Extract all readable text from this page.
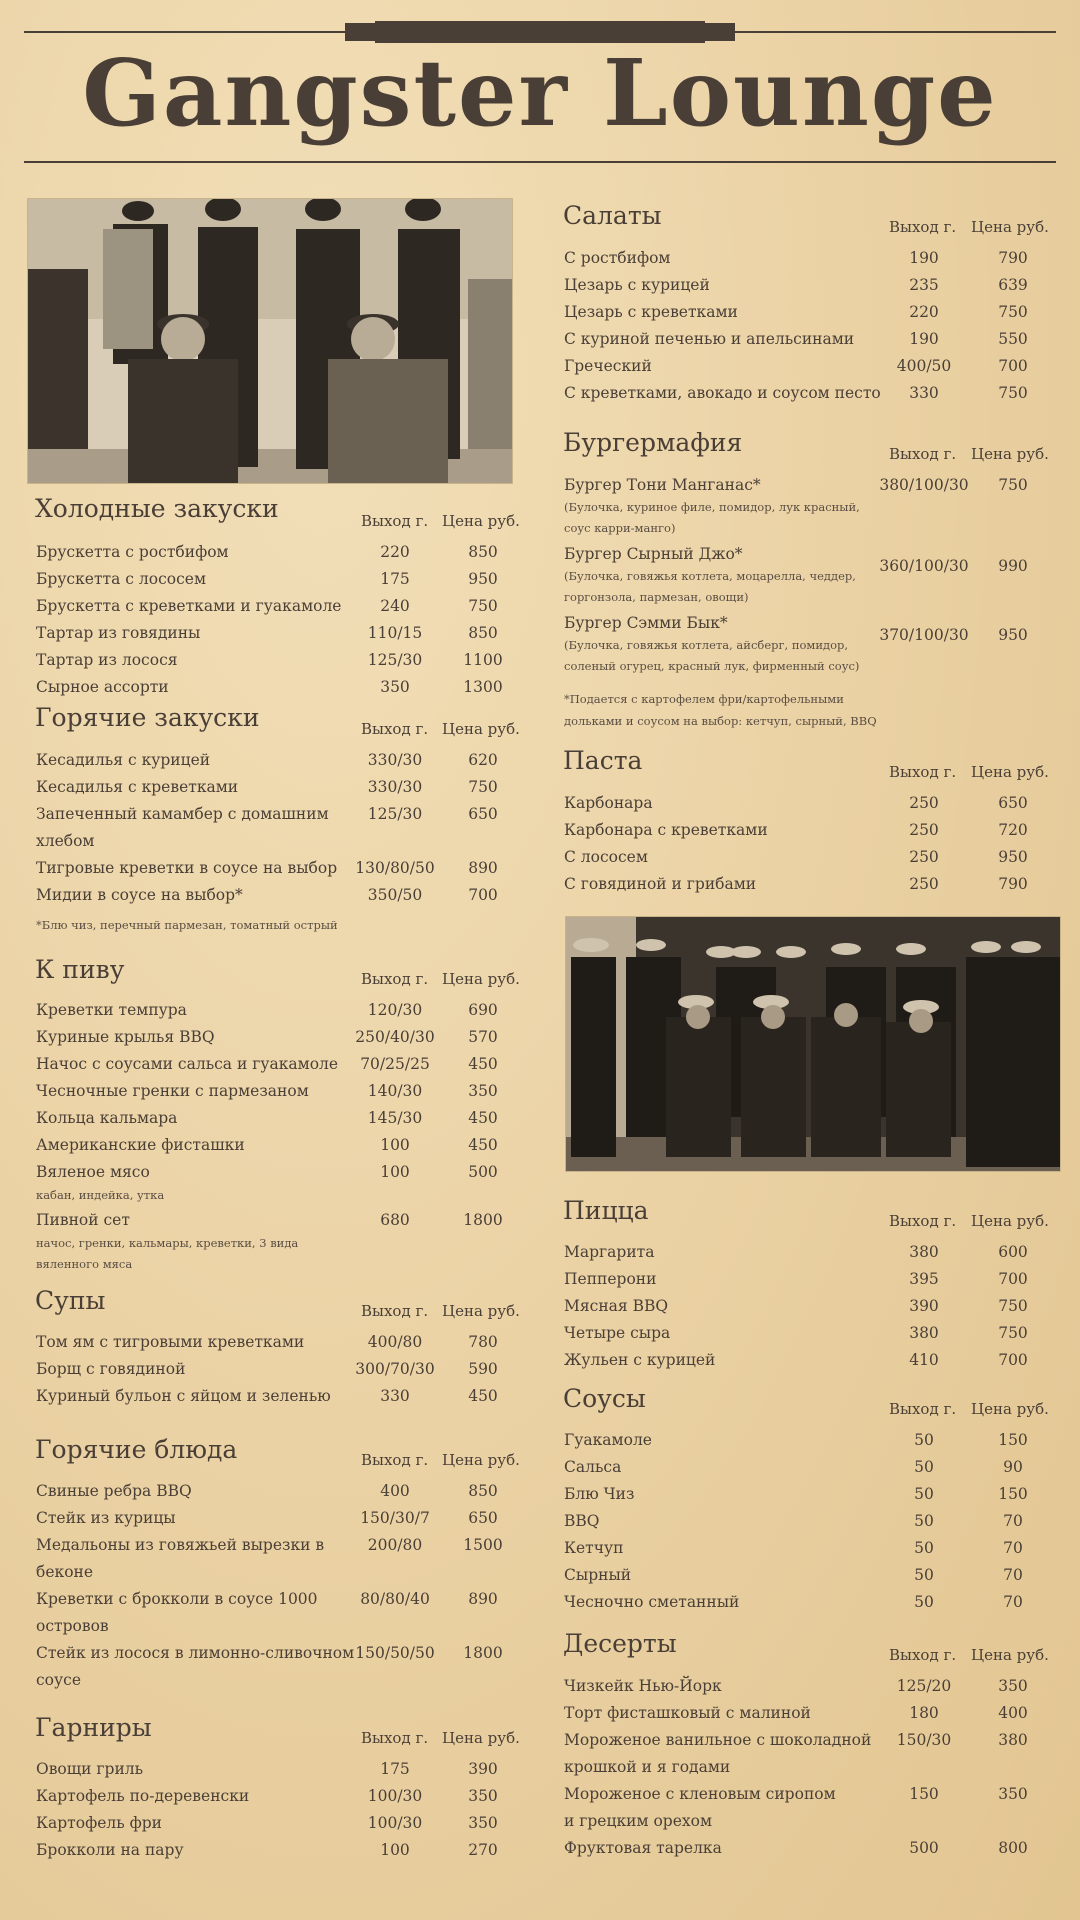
Gangster Lounge
Холодные закуски	Выход г. Цена руб.
Брускетта с ростбифом	220	850
Брускетта с лососем	175	950
Брускетта с креветками и гуакамоле 240	750
Тартар из говядины	110/15	850
Тартар из лосося	125/30	1100
Сырное ассорти	350	1300
Горячие закуски	Выход г. Цена руб.
Кесадилья с курицей	330/30	620
Кесадилья с креветками	330/30	750
Запеченный камамбер с домашним
хлебом
125/30	650
Тигровые креветки в соусе на выбор 130/80/50 890
Мидии в соусе на выбор*	350/50	700
*Блю чиз, перечный пармезан, томатный острый
К пиву	Выход г. Цена руб.
Креветки темпура	120/30	690
Куриные крылья BBQ	250/40/30 570
Начос с соусами сальса и гуакамоле 70/25/25 450
Чесночные гренки с пармезаном	140/30	350
Кольца кальмара	145/30	450
Американские фисташки	100	450
Вяленое мясо
кабан, индейка, утка
100	500
Пивной сет
начос, гренки, кальмары, креветки, 3 вида
вяленного мяса
680	1800
Супы	Выход г. Цена руб.
Том ям с тигровыми креветками	400/80	780
Борщ с говядиной	300/70/30 590
Куриный бульон с яйцом и зеленью	330	450
Горячие блюда	Выход г. Цена руб.
Свиные ребра BBQ	400	850
Стейк из курицы	150/30/7 650
Медальоны из говяжьей вырезки в
беконе
200/80	1500
Креветки с брокколи в соусе 1000
островов
80/80/40 890
Стейк из лосося в лимонно-сливочном
соусе
150/50/50 1800
Гарниры	Выход г. Цена руб.
Овощи гриль	175	390
Картофель по-деревенски	100/30	350
Картофель фри	100/30	350
Брокколи на пару	100	270
Салаты	Выход г. Цена руб.
С ростбифом	190	790
Цезарь с курицей	235	639
Цезарь с креветками	220	750
С куриной печенью и апельсинами	190	550
Греческий	400/50	700
С креветками, авокадо и соусом песто 330	750
Бургермафия	Выход г. Цена руб.
Бургер Тони Манганас*
(Булочка, куриное филе, помидор, лук красный,
соус карри-манго)
380/100/30 750
Бургер Сырный Джо*
(Булочка, говяжья котлета, моцарелла, чеддер,
горгонзола, пармезан, овощи)
360/100/30 990
Бургер Сэмми Бык*
(Булочка, говяжья котлета, айсберг, помидор,
соленый огурец, красный лук, фирменный соус)
370/100/30 950
*Подается с картофелем фри/картофельными
дольками и соусом на выбор: кетчуп, сырный, BBQ
Паста	Выход г. Цена руб.
Карбонара	250	650
Карбонара с креветками	250	720
С лососем	250	950
С говядиной и грибами	250	790
Пицца	Выход г. Цена руб.
Маргарита	380	600
Пепперони	395	700
Мясная BBQ	390	750
Четыре сыра	380	750
Жульен с курицей	410	700
Соусы	Выход г. Цена руб.
Гуакамоле	50	150
Сальса	50	90
Блю Чиз	50	150
BBQ	50	70
Кетчуп	50	70
Сырный	50	70
Чесночно сметанный	50	70
Десерты	Выход г. Цена руб.
Чизкейк Нью-Йорк	125/20	350
Торт фисташковый с малиной	180	400
Мороженое ванильное с шоколадной
крошкой и я годами
150/30	380
Мороженое с кленовым сиропом
и грецким орехом
150	350
Фруктовая тарелка	500	800
